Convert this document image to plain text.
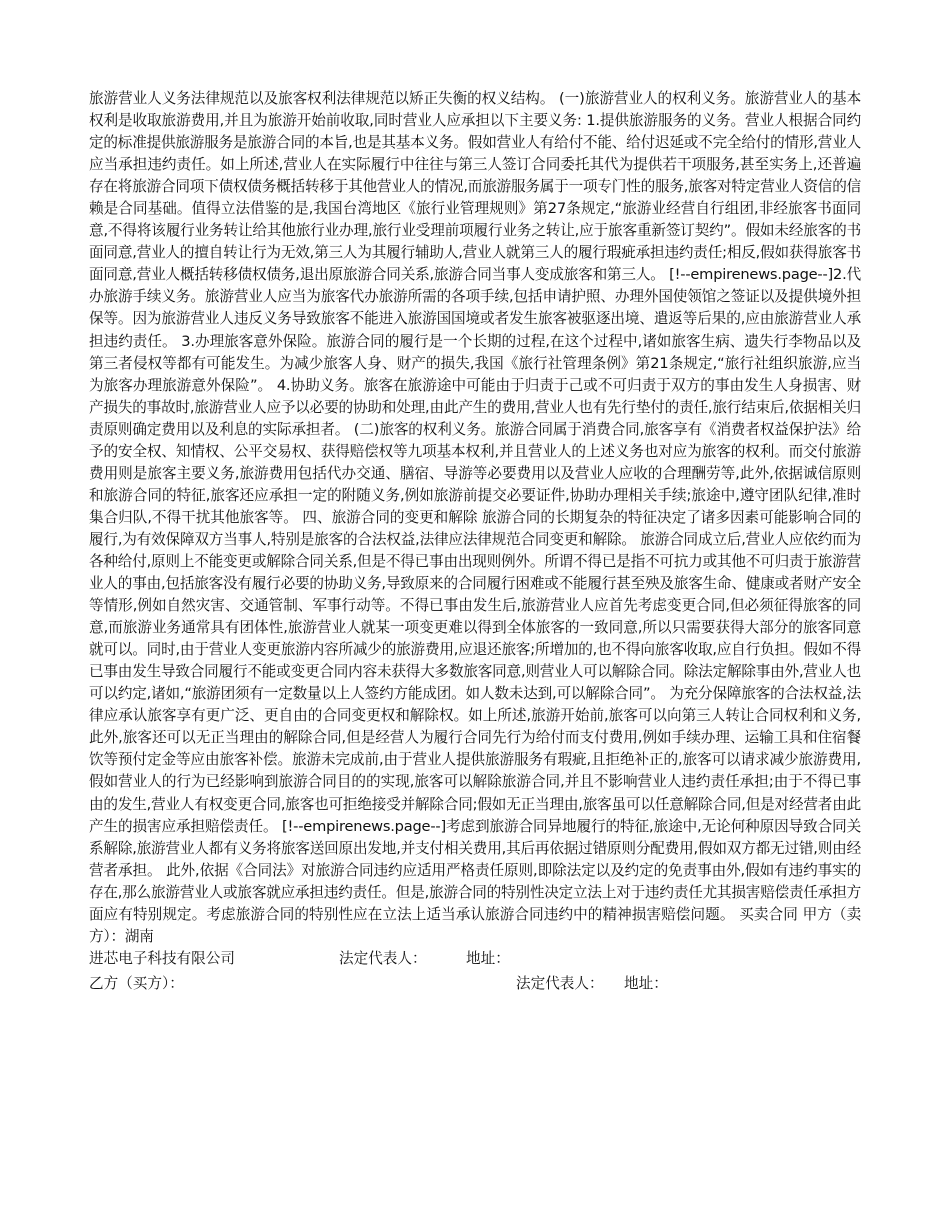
旅游营业人义务法律规范以及旅客权利法律规范以矫正失衡的权义结构。 (一)旅游营业人的权利义务。旅游营业人的基本权利是收取旅游费用,并且为旅游开始前收取,同时营业人应承担以下主要义务: 1.提供旅游服务的义务。营业人根据合同约定的标准提供旅游服务是旅游合同的本旨,也是其基本义务。假如营业人有给付不能、给付迟延或不完全给付的情形,营业人应当承担违约责任。如上所述,营业人在实际履行中往往与第三人签订合同委托其代为提供若干项服务,甚至实务上,还普遍存在将旅游合同项下债权债务概括转移于其他营业人的情况,而旅游服务属于一项专门性的服务,旅客对特定营业人资信的信赖是合同基础。值得立法借鉴的是,我国台湾地区《旅行业管理规则》第27条规定,“旅游业经营自行组团,非经旅客书面同意,不得将该履行业务转让给其他旅行业办理,旅行业受理前项履行业务之转让,应于旅客重新签订契约”。假如未经旅客的书面同意,营业人的擅自转让行为无效,第三人为其履行辅助人,营业人就第三人的履行瑕疵承担违约责任;相反,假如获得旅客书面同意,营业人概括转移债权债务,退出原旅游合同关系,旅游合同当事人变成旅客和第三人。 [!--empirenews.page--]2.代办旅游手续义务。旅游营业人应当为旅客代办旅游所需的各项手续,包括申请护照、办理外国使领馆之签证以及提供境外担保等。因为旅游营业人违反义务导致旅客不能进入旅游国国境或者发生旅客被驱逐出境、遣返等后果的,应由旅游营业人承担违约责任。 3.办理旅客意外保险。旅游合同的履行是一个长期的过程,在这个过程中,诸如旅客生病、遗失行李物品以及第三者侵权等都有可能发生。为减少旅客人身、财产的损失,我国《旅行社管理条例》第21条规定,“旅行社组织旅游,应当为旅客办理旅游意外保险”。 4.协助义务。旅客在旅游途中可能由于归责于己或不可归责于双方的事由发生人身损害、财产损失的事故时,旅游营业人应予以必要的协助和处理,由此产生的费用,营业人也有先行垫付的责任,旅行结束后,依据相关归责原则确定费用以及利息的实际承担者。 (二)旅客的权利义务。旅游合同属于消费合同,旅客享有《消费者权益保护法》给予的安全权、知情权、公平交易权、获得赔偿权等九项基本权利,并且营业人的上述义务也对应为旅客的权利。而交付旅游费用则是旅客主要义务,旅游费用包括代办交通、膳宿、导游等必要费用以及营业人应收的合理酬劳等,此外,依据诚信原则和旅游合同的特征,旅客还应承担一定的附随义务,例如旅游前提交必要证件,协助办理相关手续;旅途中,遵守团队纪律,准时集合归队,不得干扰其他旅客等。 四、旅游合同的变更和解除 旅游合同的长期复杂的特征决定了诸多因素可能影响合同的履行,为有效保障双方当事人,特别是旅客的合法权益,法律应法律规范合同变更和解除。 旅游合同成立后,营业人应依约而为各种给付,原则上不能变更或解除合同关系,但是不得已事由出现则例外。所谓不得已是指不可抗力或其他不可归责于旅游营业人的事由,包括旅客没有履行必要的协助义务,导致原来的合同履行困难或不能履行甚至殃及旅客生命、健康或者财产安全等情形,例如自然灾害、交通管制、军事行动等。不得已事由发生后,旅游营业人应首先考虑变更合同,但必须征得旅客的同意,而旅游业务通常具有团体性,旅游营业人就某一项变更难以得到全体旅客的一致同意,所以只需要获得大部分的旅客同意就可以。同时,由于营业人变更旅游内容所减少的旅游费用,应退还旅客;所增加的,也不得向旅客收取,应自行负担。假如不得已事由发生导致合同履行不能或变更合同内容未获得大多数旅客同意,则营业人可以解除合同。除法定解除事由外,营业人也可以约定,诸如,“旅游团须有一定数量以上人签约方能成团。如人数未达到,可以解除合同”。 为充分保障旅客的合法权益,法律应承认旅客享有更广泛、更自由的合同变更权和解除权。如上所述,旅游开始前,旅客可以向第三人转让合同权利和义务,此外,旅客还可以无正当理由的解除合同,但是经营人为履行合同先行为给付而支付费用,例如手续办理、运输工具和住宿餐饮等预付定金等应由旅客补偿。旅游未完成前,由于营业人提供旅游服务有瑕疵,且拒绝补正的,旅客可以请求减少旅游费用,假如营业人的行为已经影响到旅游合同目的的实现,旅客可以解除旅游合同,并且不影响营业人违约责任承担;由于不得已事由的发生,营业人有权变更合同,旅客也可拒绝接受并解除合同;假如无正当理由,旅客虽可以任意解除合同,但是对经营者由此产生的损害应承担赔偿责任。 [!--empirenews.page--]考虑到旅游合同异地履行的特征,旅途中,无论何种原因导致合同关系解除,旅游营业人都有义务将旅客送回原出发地,并支付相关费用,其后再依据过错原则分配费用,假如双方都无过错,则由经营者承担。 此外,依据《合同法》对旅游合同违约应适用严格责任原则,即除法定以及约定的免责事由外,假如有违约事实的存在,那么旅游营业人或旅客就应承担违约责任。但是,旅游合同的特别性决定立法上对于违约责任尤其损害赔偿责任承担方面应有特别规定。考虑旅游合同的特别性应在立法上适当承认旅游合同违约中的精神损害赔偿问题。 买卖合同 甲方（卖方）：湖南

进芯电子科技有限公司	法定代表人：	地址：
乙方（买方）：	法定代表人：	地址：
